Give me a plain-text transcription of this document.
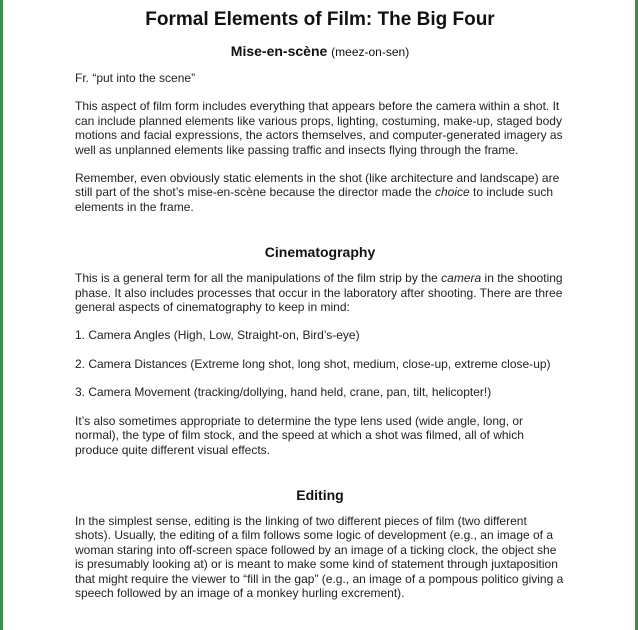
Formal Elements of Film: The Big Four
Mise-en-scène (meez-on-sen)

Fr. “put into the scene”

This aspect of film form includes everything that appears before the camera within a shot. It can include planned elements like various props, lighting, costuming, make-up, staged body motions and facial expressions, the actors themselves, and computer-generated imagery as well as unplanned elements like passing traffic and insects flying through the frame.

Remember, even obviously static elements in the shot (like architecture and landscape) are still part of the shot’s mise-en-scène because the director made the choice to include such elements in the frame.

Cinematography

This is a general term for all the manipulations of the film strip by the camera in the shooting phase. It also includes processes that occur in the laboratory after shooting. There are three general aspects of cinematography to keep in mind:

1. Camera Angles (High, Low, Straight-on, Bird’s-eye)

2. Camera Distances (Extreme long shot, long shot, medium, close-up, extreme close-up)

3. Camera Movement (tracking/dollying, hand held, crane, pan, tilt, helicopter!)

It’s also sometimes appropriate to determine the type lens used (wide angle, long, or normal), the type of film stock, and the speed at which a shot was filmed, all of which produce quite different visual effects.

Editing

In the simplest sense, editing is the linking of two different pieces of film (two different shots). Usually, the editing of a film follows some logic of development (e.g., an image of a woman staring into off-screen space followed by an image of a ticking clock, the object she is presumably looking at) or is meant to make some kind of statement through juxtaposition that might require the viewer to “fill in the gap” (e.g., an image of a pompous politico giving a speech followed by an image of a monkey hurling excrement).
